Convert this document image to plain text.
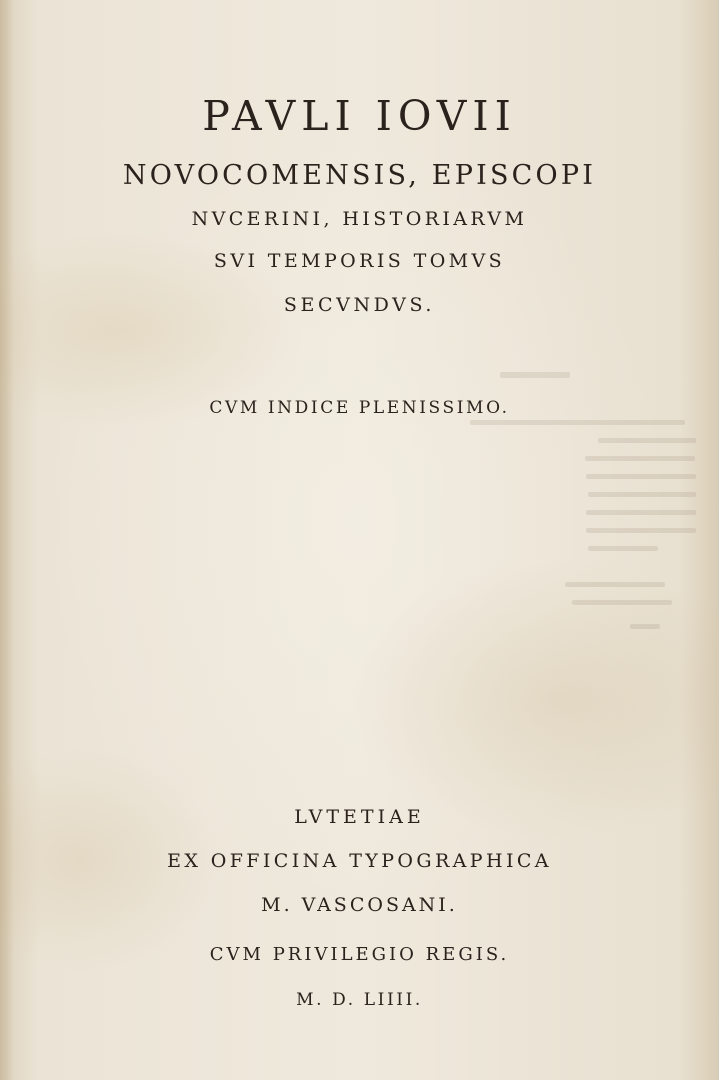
PAVLI IOVII
NOVOCOMENSIS, EPISCOPI
NVCERINI, HISTORIARVM
SVI TEMPORIS TOMVS
SECVNDVS.
CVM INDICE PLENISSIMO.
LVTETIAE
EX OFFICINA TYPOGRAPHICA
M. VASCOSANI.
CVM PRIVILEGIO REGIS.
M. D. LIIII.
